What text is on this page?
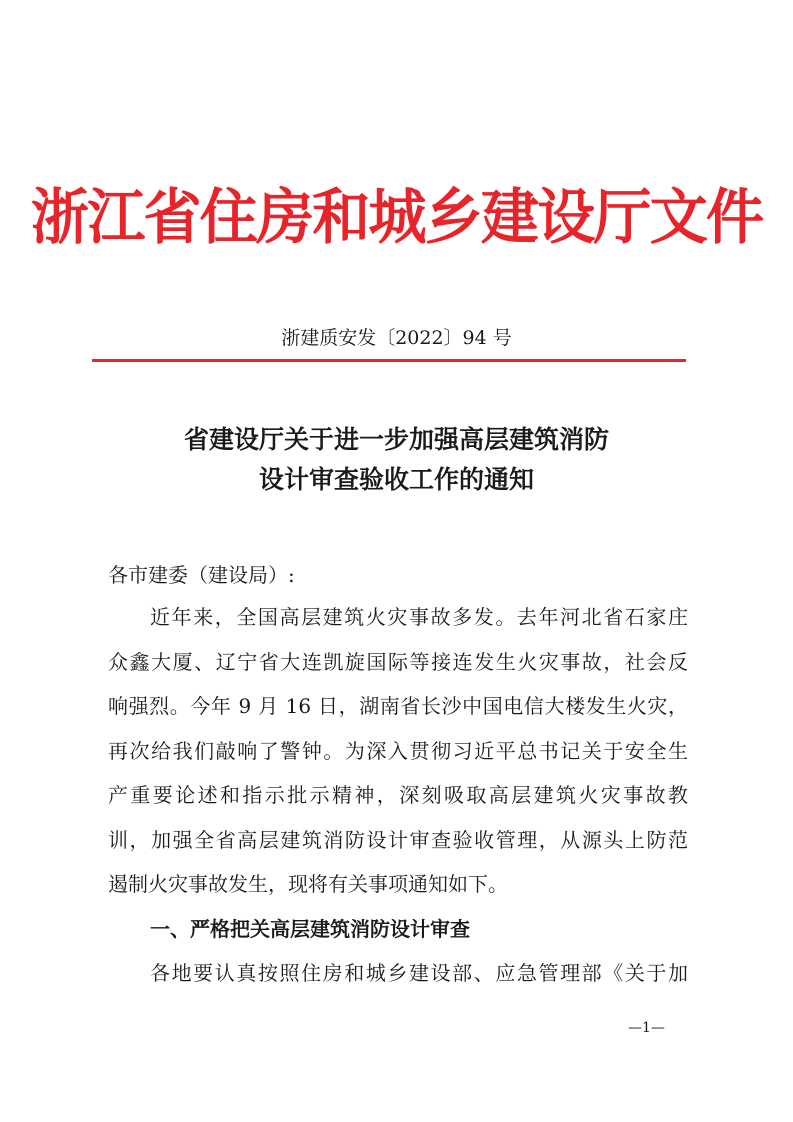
浙江省住房和城乡建设厅文件
浙建质安发〔2022〕94 号
省建设厅关于进一步加强高层建筑消防
设计审查验收工作的通知
各市建委（建设局）:
近年来，全国高层建筑火灾事故多发。去年河北省石家庄
众鑫大厦、辽宁省大连凯旋国际等接连发生火灾事故，社会反
响强烈。今年 9 月 16 日，湖南省长沙中国电信大楼发生火灾，
再次给我们敲响了警钟。为深入贯彻习近平总书记关于安全生
产重要论述和指示批示精神，深刻吸取高层建筑火灾事故教
训，加强全省高层建筑消防设计审查验收管理，从源头上防范
遏制火灾事故发生，现将有关事项通知如下。
一、严格把关高层建筑消防设计审查
各地要认真按照住房和城乡建设部、应急管理部《关于加
—1—
